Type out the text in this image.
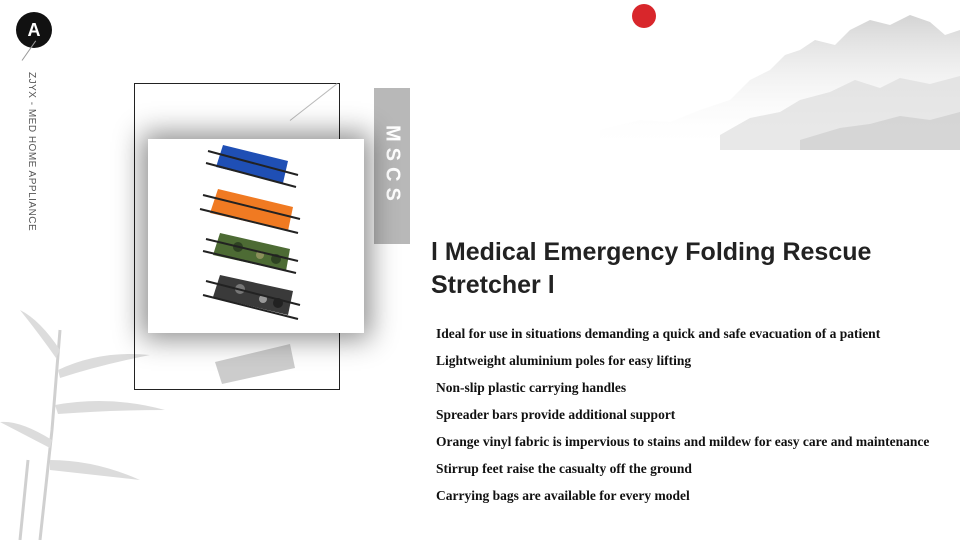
A
ZJYX - MED HOME APPLIANCE	MSCS
l Medical Emergency Folding Rescue Stretcher l
Ideal for use in situations demanding a quick and safe evacuation of a patient
Lightweight aluminium poles for easy lifting
Non-slip plastic carrying handles
Spreader bars provide additional support
Orange vinyl fabric is impervious to stains and mildew for easy care and maintenance
Stirrup feet raise the casualty off the ground
Carrying bags are available for every model
